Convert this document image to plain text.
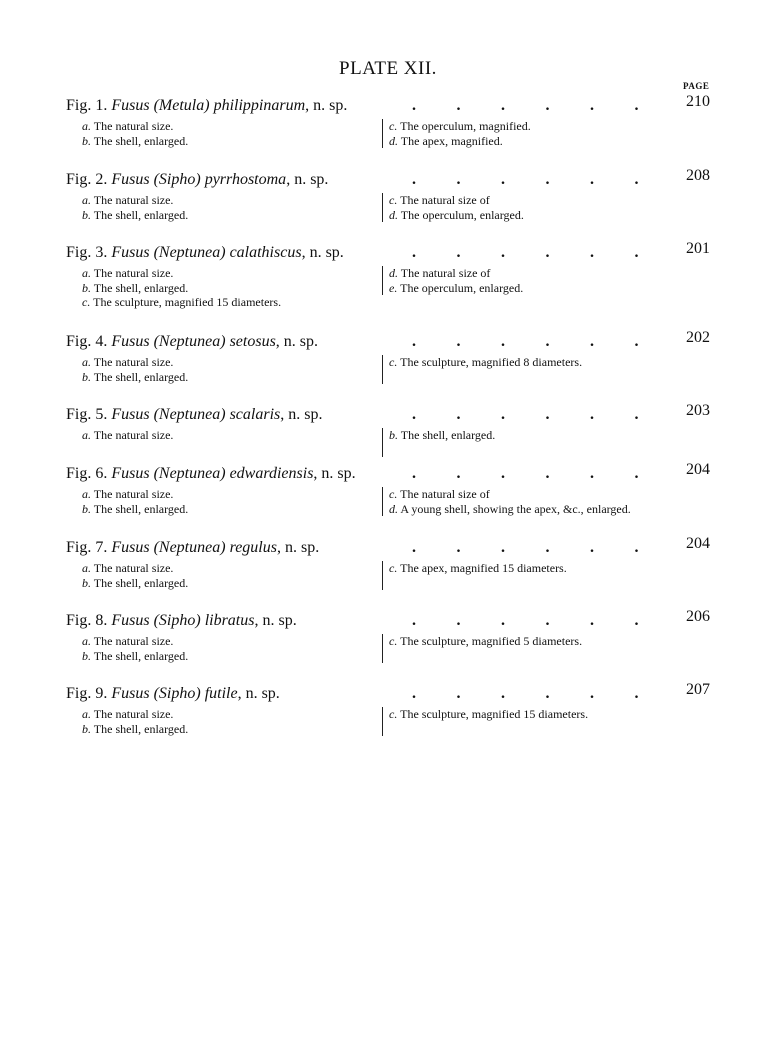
PLATE XII.
PAGE
Fig. 1. Fusus (Metula) philippinarum, n. sp.	.	.	.	.	.	.	210
a. The natural size.
b. The shell, enlarged.
c. The operculum, magnified.
d. The apex, magnified.
Fig. 2. Fusus (Sipho) pyrrhostoma, n. sp.	.	.	.	.	.	.	208
a. The natural size.
b. The shell, enlarged.
c. The natural size of
d. The operculum, enlarged.
Fig. 3. Fusus (Neptunea) calathiscus, n. sp.	.	.	.	.	.	.	201
a. The natural size.
b. The shell, enlarged.
c. The sculpture, magnified 15 diameters.
d. The natural size of
e. The operculum, enlarged.
Fig. 4. Fusus (Neptunea) setosus, n. sp.	.	.	.	.	.	.	202
a. The natural size.
b. The shell, enlarged.
c. The sculpture, magnified 8 diameters.
Fig. 5. Fusus (Neptunea) scalaris, n. sp.	.	.	.	.	.	.	203
a. The natural size.	b. The shell, enlarged.
Fig. 6. Fusus (Neptunea) edwardiensis, n. sp.	.	.	.	.	.	.	204
a. The natural size.
b. The shell, enlarged.
c. The natural size of
d. A young shell, showing the apex, &c., enlarged.
Fig. 7. Fusus (Neptunea) regulus, n. sp.	.	.	.	.	.	.	204
a. The natural size.
b. The shell, enlarged.
c. The apex, magnified 15 diameters.
Fig. 8. Fusus (Sipho) libratus, n. sp.	.	.	.	.	.	.	206
a. The natural size.
b. The shell, enlarged.
c. The sculpture, magnified 5 diameters.
Fig. 9. Fusus (Sipho) futile, n. sp.	.	.	.	.	.	.	207
a. The natural size.
b. The shell, enlarged.
c. The sculpture, magnified 15 diameters.
